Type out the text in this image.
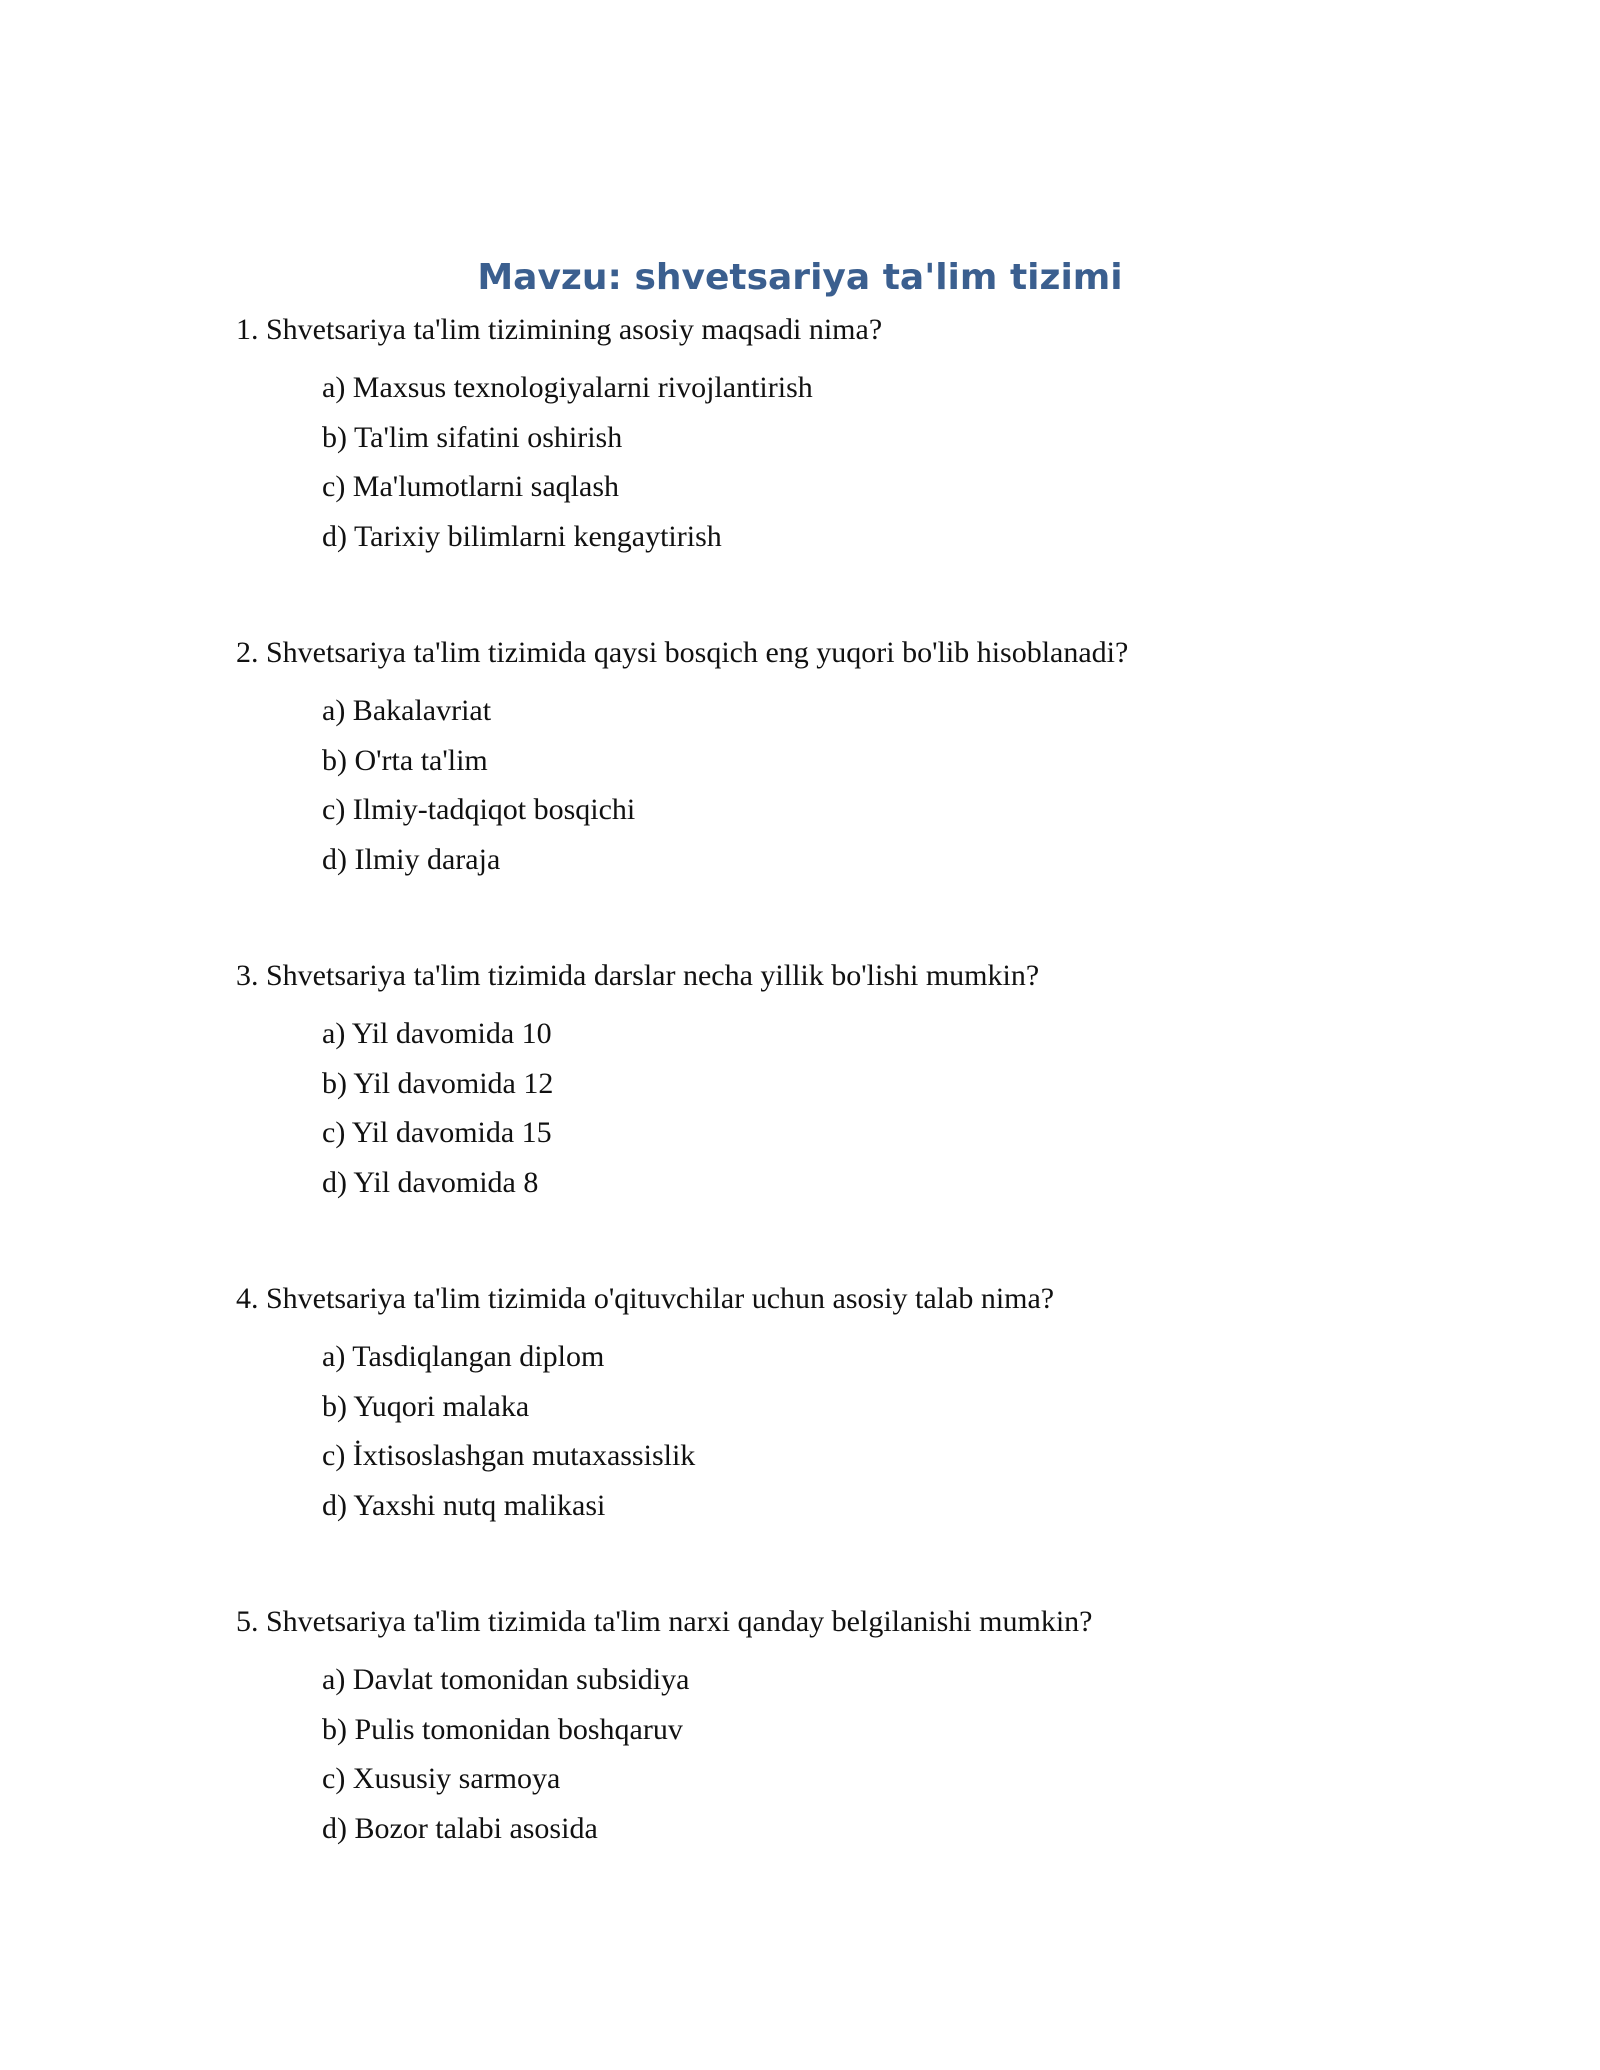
Mavzu: shvetsariya ta'lim tizimi

1. Shvetsariya ta'lim tizimining asosiy maqsadi nima?

a) Maxsus texnologiyalarni rivojlantirish
b) Ta'lim sifatini oshirish
c) Ma'lumotlarni saqlash
d) Tarixiy bilimlarni kengaytirish

2. Shvetsariya ta'lim tizimida qaysi bosqich eng yuqori bo'lib hisoblanadi?

a) Bakalavriat
b) O'rta ta'lim
c) Ilmiy-tadqiqot bosqichi
d) Ilmiy daraja

3. Shvetsariya ta'lim tizimida darslar necha yillik bo'lishi mumkin?

a) Yil davomida 10
b) Yil davomida 12
c) Yil davomida 15
d) Yil davomida 8

4. Shvetsariya ta'lim tizimida o'qituvchilar uchun asosiy talab nima?

a) Tasdiqlangan diplom
b) Yuqori malaka
c) İxtisoslashgan mutaxassislik
d) Yaxshi nutq malikasi

5. Shvetsariya ta'lim tizimida ta'lim narxi qanday belgilanishi mumkin?

a) Davlat tomonidan subsidiya
b) Pulis tomonidan boshqaruv
c) Xususiy sarmoya
d) Bozor talabi asosida
